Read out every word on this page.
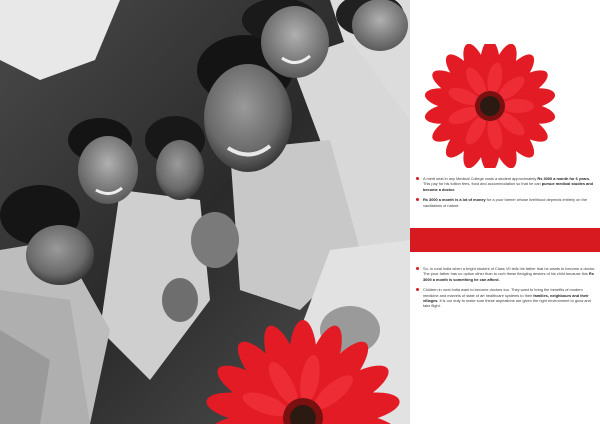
A merit seat in any Medical College costs a student approximately Rs 3000 a month for 6 years. This pay for his tuition fees, food and accommodation so that he can pursue medical studies and become a doctor.

Rs 3000 a month is a lot of money for a poor farmer whose livelihood depends entirely on the vacillations of nature.

So, in rural India when a bright student of Class VII tells his father that he wants to become a doctor. The poor father has no option other than to curb these fledgling desires of his child because this Rs 3000 a month is something he can afford.

Children in rural India want to become doctors too. They want to bring the benefits of modern medicine and marvels of state of art healthcare systems to their families, neighbours and their villages. It is our duty to make sure these aspirations are given the right environment to grow and take flight.
